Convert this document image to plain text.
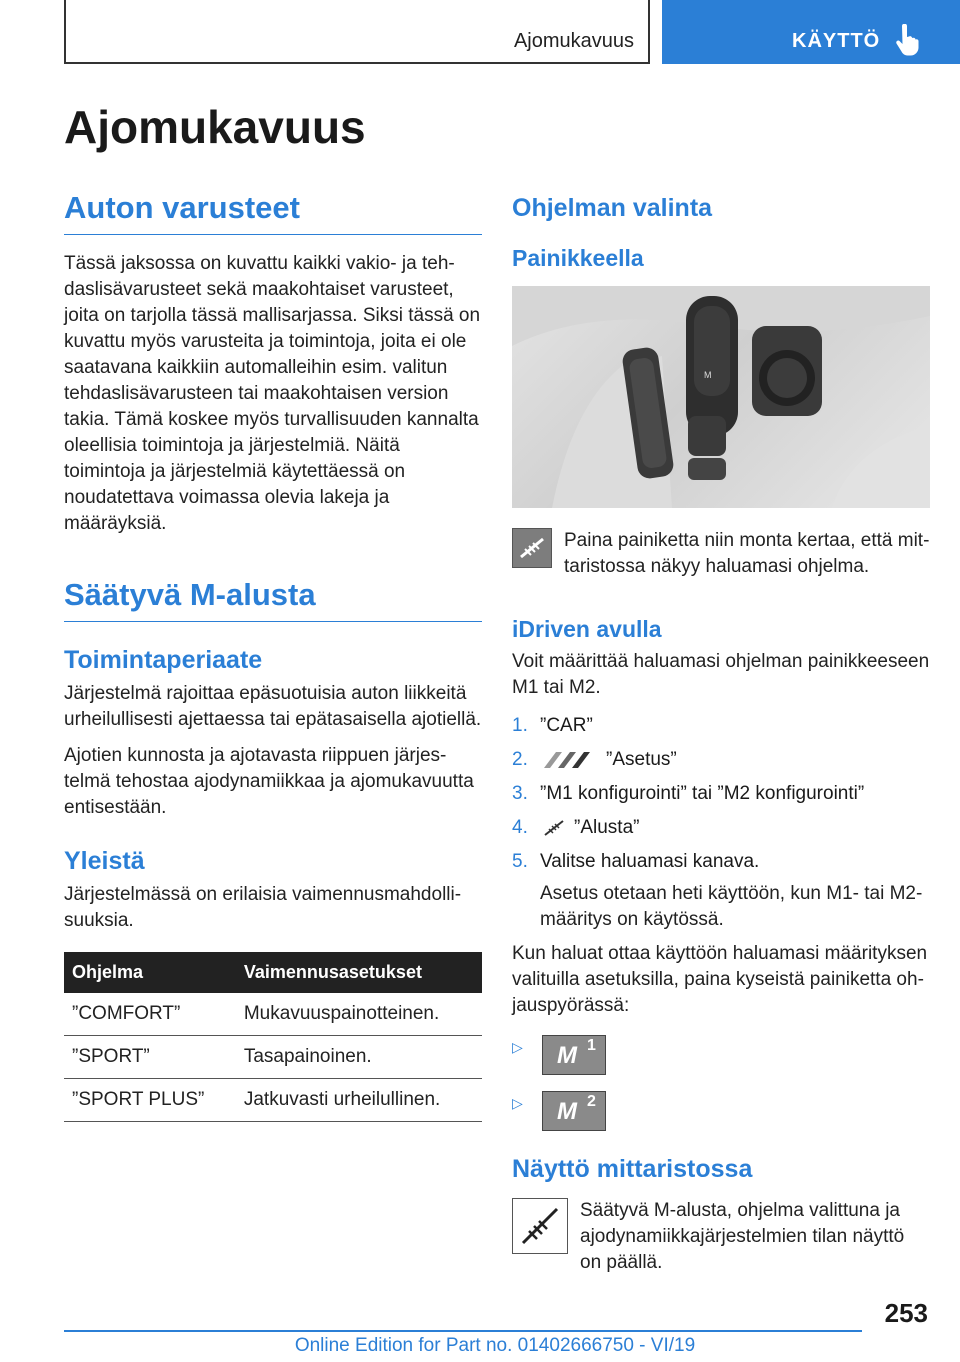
Ajomukavuus	KÄYTTÖ
Ajomukavuus
Auton varusteet

Tässä jaksossa on kuvattu kaikki vakio- ja tehdaslisävarusteet sekä maakohtaiset varusteet, joita on tarjolla tässä mallisarjassa. Siksi tässä on kuvattu myös varusteita ja toimintoja, joita ei ole saatavana kaikkiin automalleihin esim. valitun tehdaslisävarusteen tai maakohtaisen version takia. Tämä koskee myös turvallisuuden kannalta oleellisia toimintoja ja järjestelmiä. Näitä toimintoja ja järjestelmiä käytettäessä on noudatettava voimassa olevia lakeja ja määräyksiä.

Säätyvä M-alusta
Toimintaperiaate

Järjestelmä rajoittaa epäsuotuisia auton liikkeitä urheilullisesti ajettaessa tai epätasaisella ajotiellä.

Ajotien kunnosta ja ajotavasta riippuen järjestelmä tehostaa ajodynamiikkaa ja ajomukavuutta entisestään.

Yleistä

Järjestelmässä on erilaisia vaimennusmahdollisuuksia.

Ohjelma	Vaimennusasetukset
”COMFORT”	Mukavuuspainotteinen.
”SPORT”	Tasapainoinen.
”SPORT PLUS”	Jatkuvasti urheilullinen.
Ohjelman valinta
Painikkeella
M

Paina painiketta niin monta kertaa, että mittaristossa näkyy haluamasi ohjelma.

iDriven avulla

Voit määrittää haluamasi ohjelman painikkeeseen M1 tai M2.

1. ”CAR”
2.	”Asetus”
3. ”M1 konfigurointi” tai ”M2 konfigurointi”
4.	”Alusta”
5. Valitse haluamasi kanava.

Asetus otetaan heti käyttöön, kun M1- tai M2-määritys on käytössä.

Kun haluat ottaa käyttöön haluamasi määrityksen valituilla asetuksilla, paina kyseistä painiketta ohjauspyörässä:

▷	M 1
▷	M 2
Näyttö mittaristossa

Säätyvä M-alusta, ohjelma valittuna ja ajodynamiikkajärjestelmien tilan näyttö on päällä.

253
Online Edition for Part no. 01402666750 - VI/19
